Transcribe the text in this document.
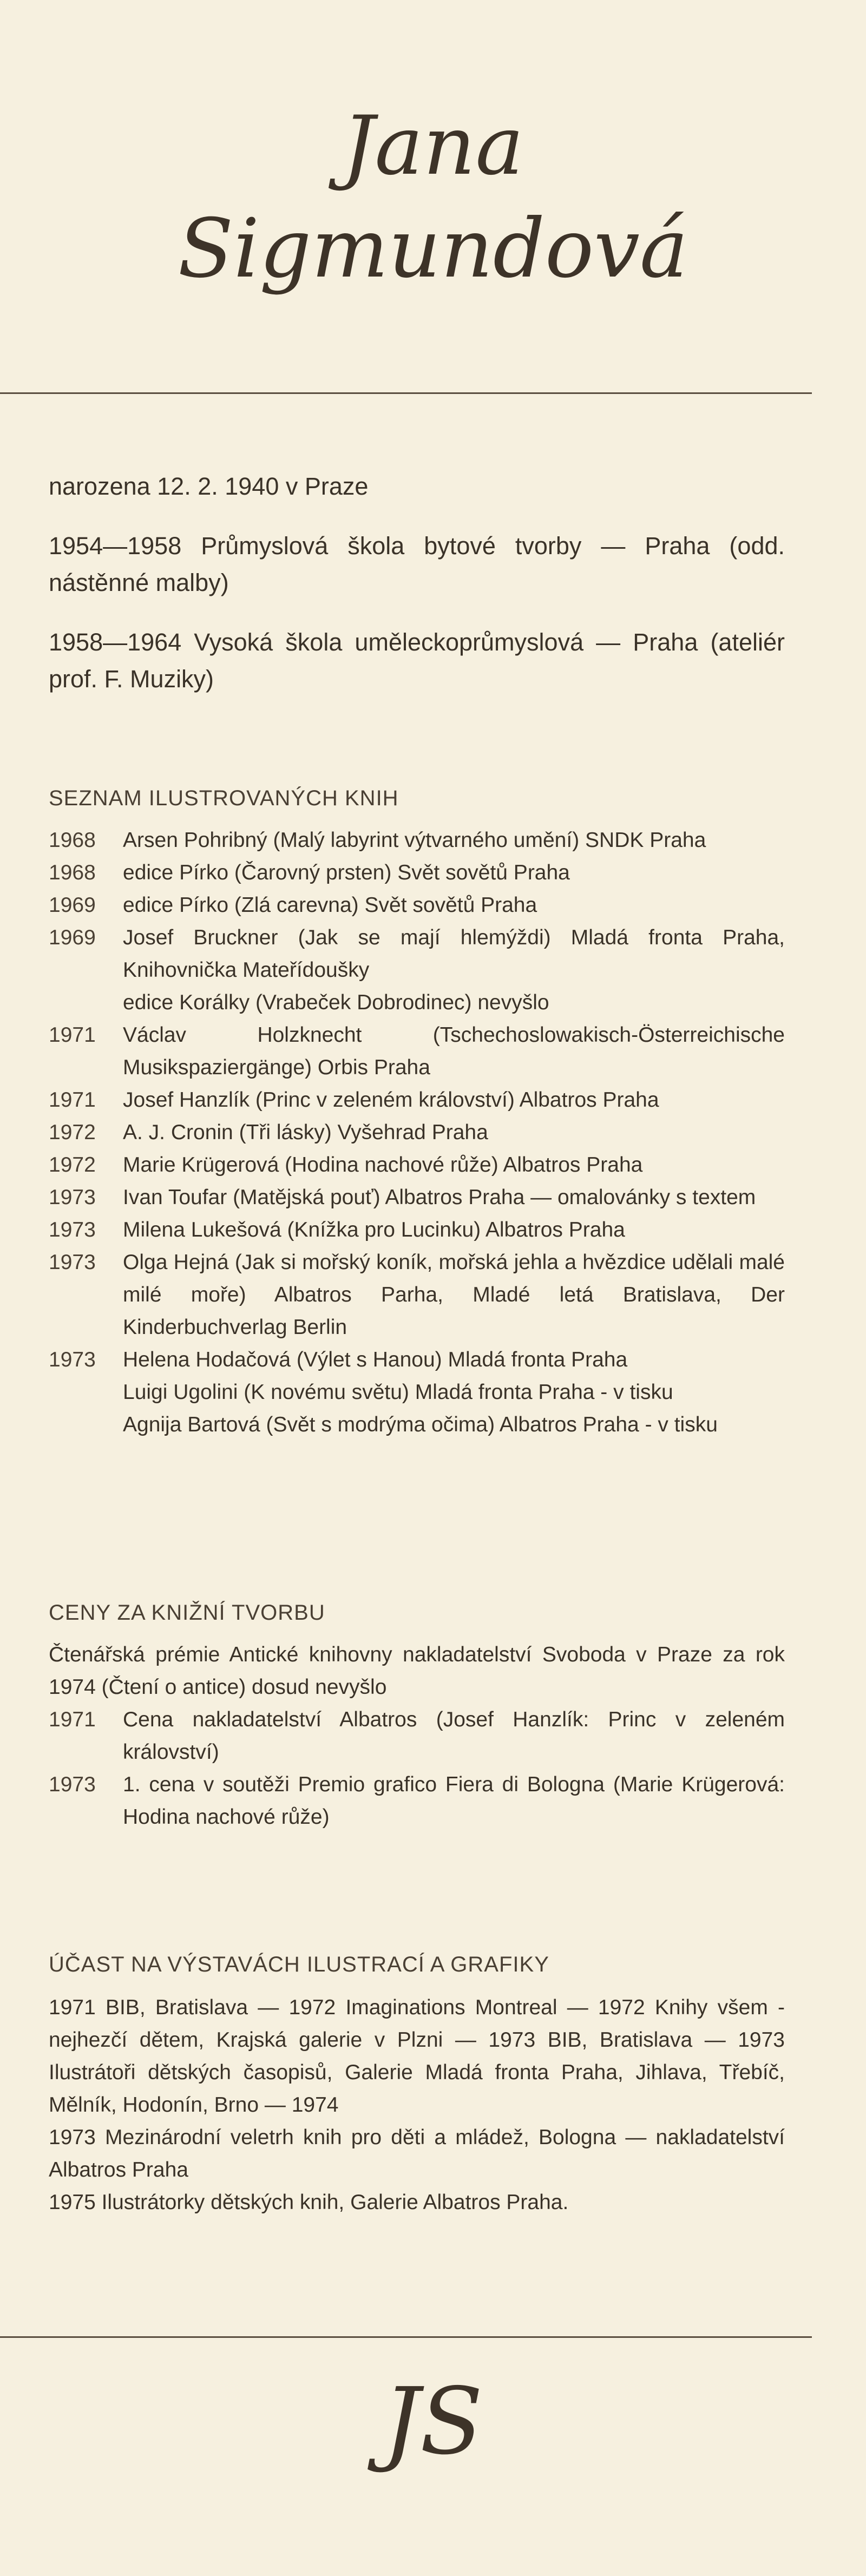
Jana
Sigmundová

narozena 12. 2. 1940 v Praze

1954—1958 Průmyslová škola bytové tvorby — Praha (odd. nástěnné malby)

1958—1964 Vysoká škola uměleckoprůmyslová — Praha (ateliér prof. F. Muziky)

SEZNAM ILUSTROVANÝCH KNIH

1968	Arsen Pohribný (Malý labyrint výtvarného umění) SNDK Praha
1968	edice Pírko (Čarovný prsten) Svět sovětů Praha
1969	edice Pírko (Zlá carevna) Svět sovětů Praha
1969	Josef Bruckner (Jak se mají hlemýždi) Mladá fronta Praha, Knihovnička Mateřídoušky
edice Korálky (Vrabeček Dobrodinec) nevyšlo
1971	Václav Holzknecht (Tschechoslowakisch-Österreichische Musikspaziergänge) Orbis Praha
1971	Josef Hanzlík (Princ v zeleném království) Albatros Praha
1972	A. J. Cronin (Tři lásky) Vyšehrad Praha
1972	Marie Krügerová (Hodina nachové růže) Albatros Praha
1973	Ivan Toufar (Matějská pouť) Albatros Praha — omalovánky s textem
1973	Milena Lukešová (Knížka pro Lucinku) Albatros Praha
1973	Olga Hejná (Jak si mořský koník, mořská jehla a hvězdice udělali malé milé moře) Albatros Parha, Mladé letá Bratislava, Der Kinderbuchverlag Berlin
1973	Helena Hodačová (Výlet s Hanou) Mladá fronta Praha
Luigi Ugolini (K novému světu) Mladá fronta Praha - v tisku
Agnija Bartová (Svět s modrýma očima) Albatros Praha - v tisku

CENY ZA KNIŽNÍ TVORBU

Čtenářská prémie Antické knihovny nakladatelství Svoboda v Praze za rok 1974 (Čtení o antice) dosud nevyšlo
1971	Cena nakladatelství Albatros (Josef Hanzlík: Princ v zeleném království)
1973	1. cena v soutěži Premio grafico Fiera di Bologna (Marie Krügerová: Hodina nachové růže)

ÚČAST NA VÝSTAVÁCH ILUSTRACÍ A GRAFIKY

1971 BIB, Bratislava — 1972 Imaginations Montreal — 1972 Knihy všem - nejhezčí dětem, Krajská galerie v Plzni — 1973 BIB, Bratislava — 1973 Ilustrátoři dětských časopisů, Galerie Mladá fronta Praha, Jihlava, Třebíč, Mělník, Hodonín, Brno — 1974
1973 Mezinárodní veletrh knih pro děti a mládež, Bologna — nakladatelství Albatros Praha
1975 Ilustrátorky dětských knih, Galerie Albatros Praha.
JS
